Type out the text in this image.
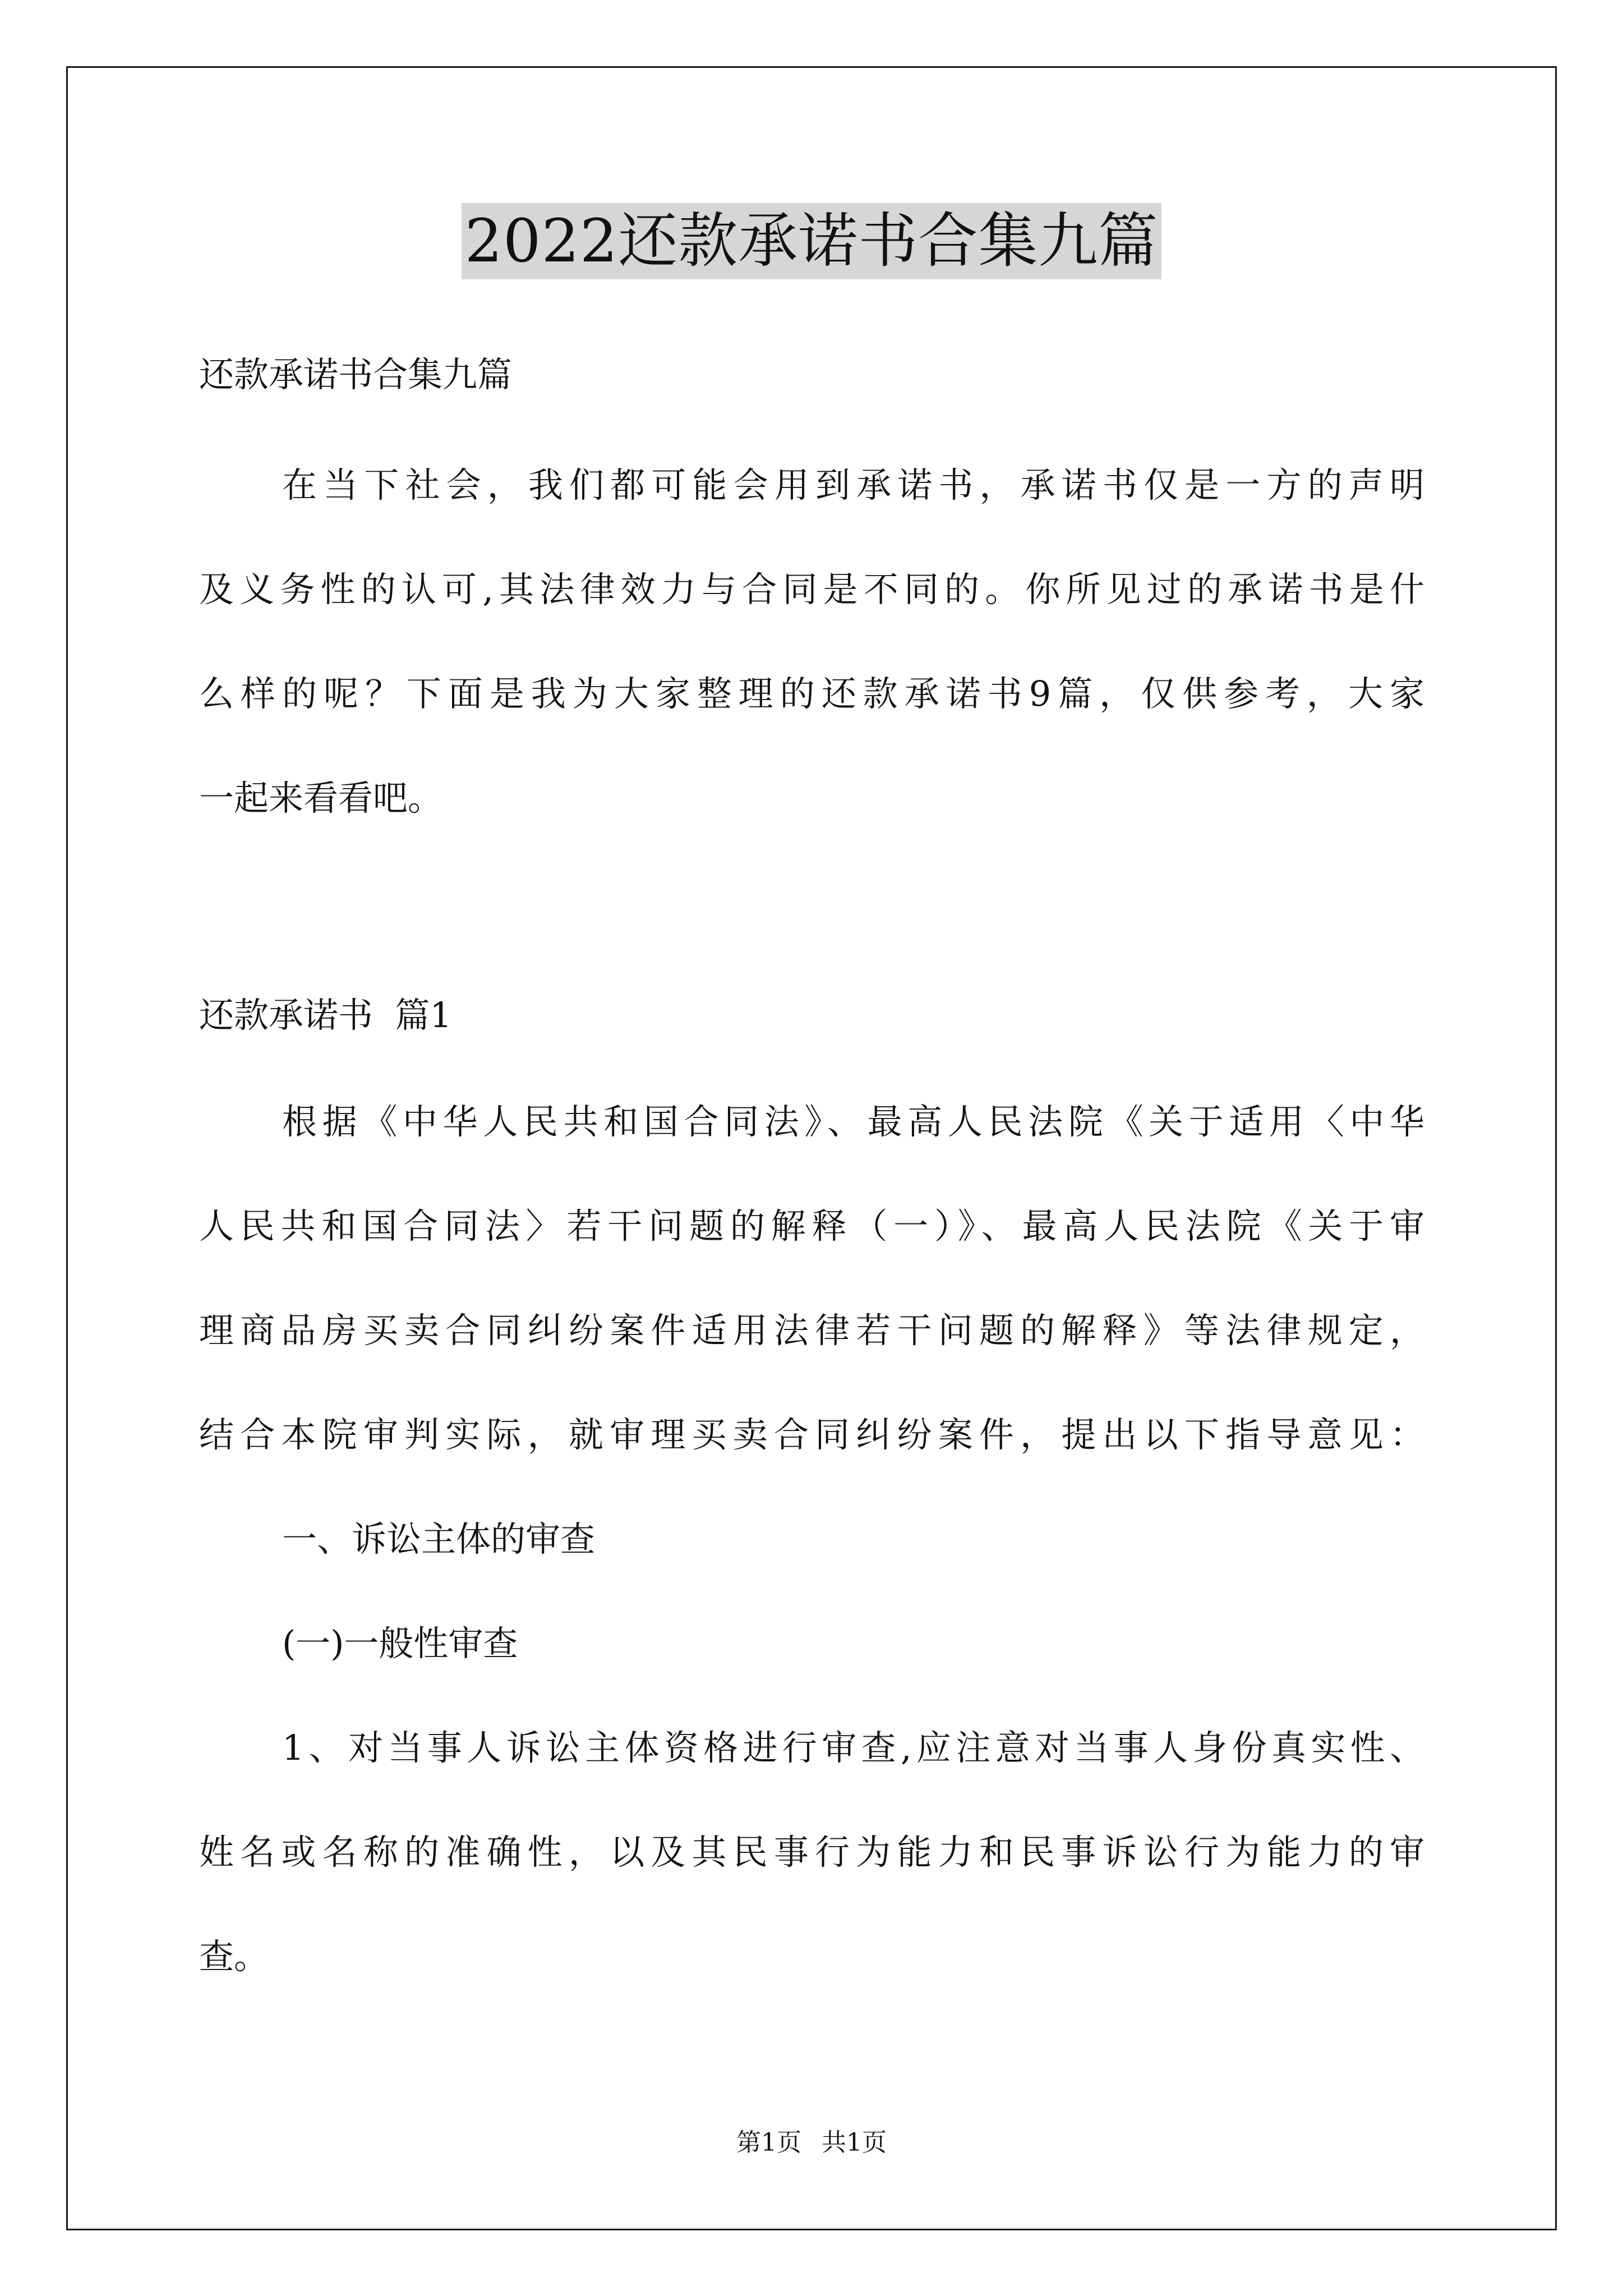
2022还款承诺书合集九篇
还款承诺书合集九篇
在当下社会，我们都可能会用到承诺书，承诺书仅是一方的声明
及义务性的认可,其法律效力与合同是不同的。你所见过的承诺书是什
么样的呢？下面是我为大家整理的还款承诺书9篇，仅供参考，大家
一起来看看吧。
还款承诺书  篇1
根据《中华人民共和国合同法》、最高人民法院《关于适用〈中华
人民共和国合同法〉若干问题的解释（一）》、最高人民法院《关于审
理商品房买卖合同纠纷案件适用法律若干问题的解释》等法律规定，
结合本院审判实际，就审理买卖合同纠纷案件，提出以下指导意见：
一、诉讼主体的审查
(一)一般性审查
1、对当事人诉讼主体资格进行审查,应注意对当事人身份真实性、
姓名或名称的准确性，以及其民事行为能力和民事诉讼行为能力的审
查。
第1页 共1页
